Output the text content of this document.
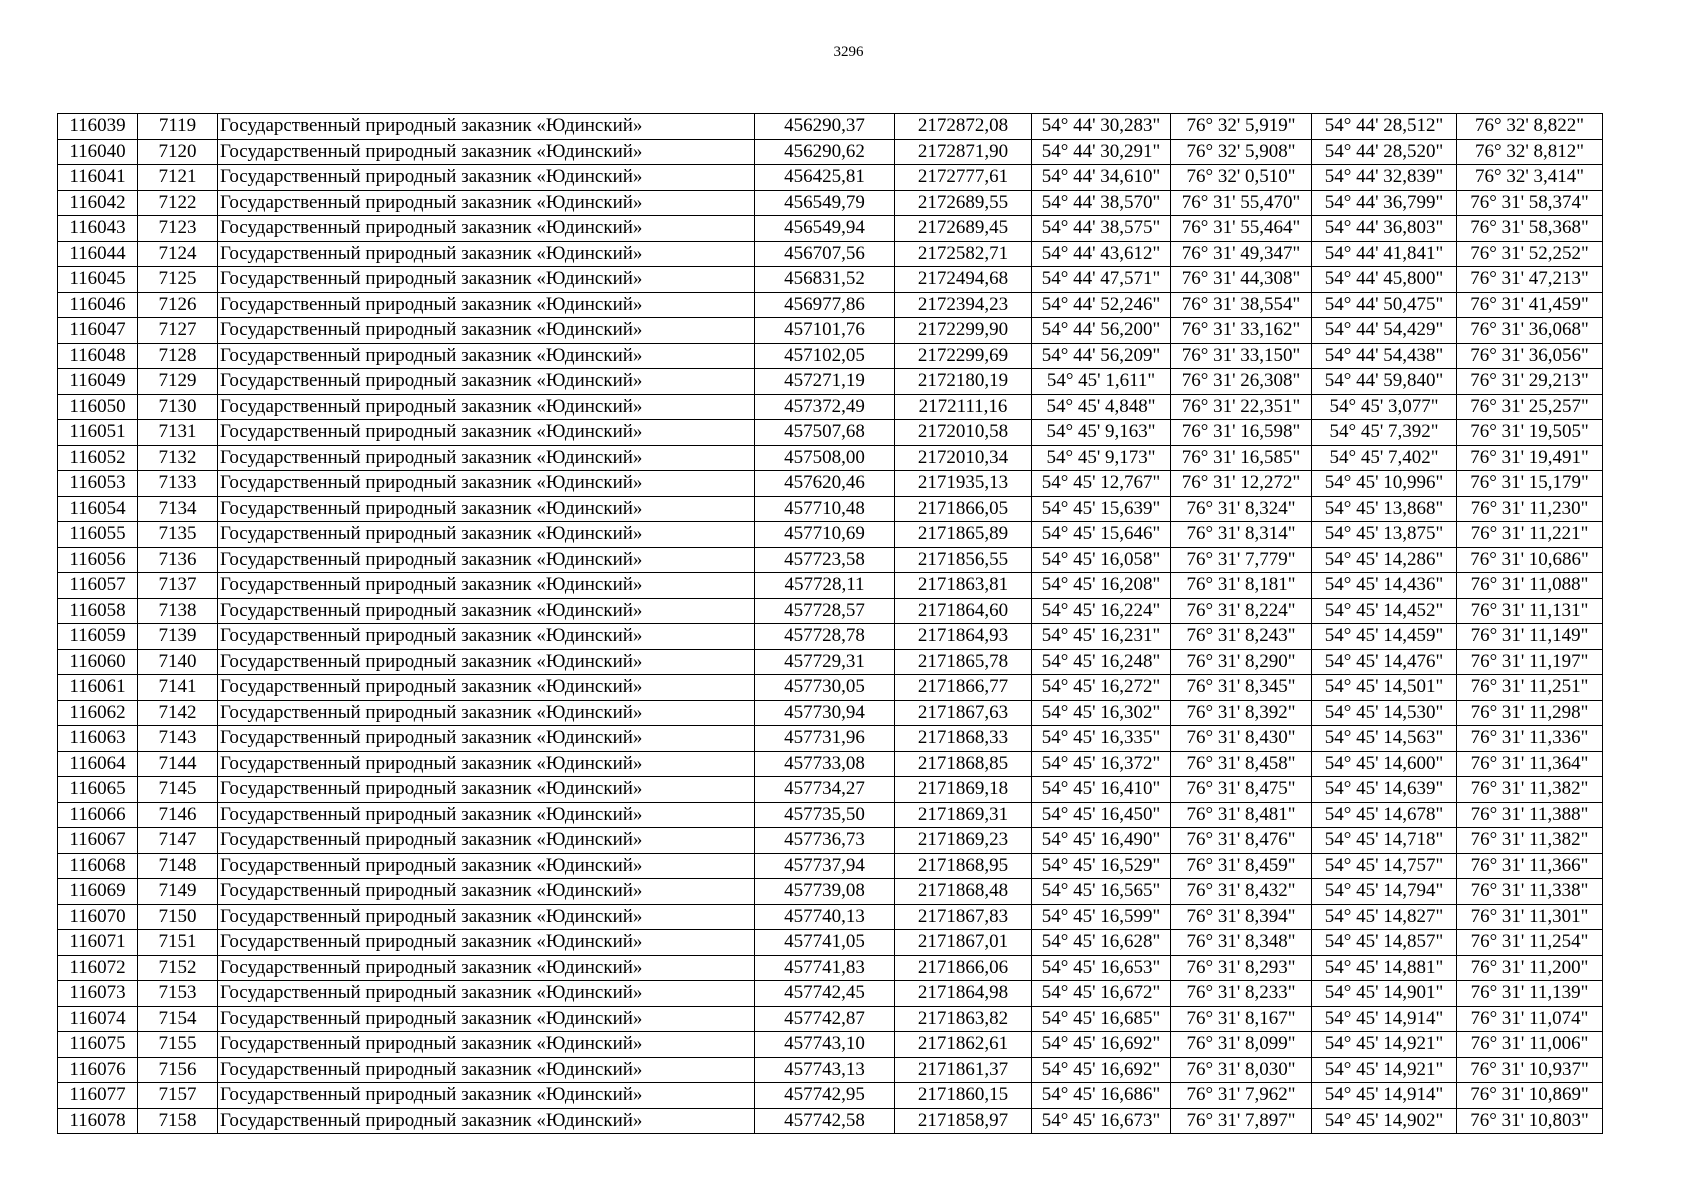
3296
116039	7119	Государственный природный заказник «Юдинский»	456290,37	2172872,08	54° 44' 30,283"	76° 32' 5,919"	54° 44' 28,512"	76° 32' 8,822"
116040	7120	Государственный природный заказник «Юдинский»	456290,62	2172871,90	54° 44' 30,291"	76° 32' 5,908"	54° 44' 28,520"	76° 32' 8,812"
116041	7121	Государственный природный заказник «Юдинский»	456425,81	2172777,61	54° 44' 34,610"	76° 32' 0,510"	54° 44' 32,839"	76° 32' 3,414"
116042	7122	Государственный природный заказник «Юдинский»	456549,79	2172689,55	54° 44' 38,570"	76° 31' 55,470"	54° 44' 36,799"	76° 31' 58,374"
116043	7123	Государственный природный заказник «Юдинский»	456549,94	2172689,45	54° 44' 38,575"	76° 31' 55,464"	54° 44' 36,803"	76° 31' 58,368"
116044	7124	Государственный природный заказник «Юдинский»	456707,56	2172582,71	54° 44' 43,612"	76° 31' 49,347"	54° 44' 41,841"	76° 31' 52,252"
116045	7125	Государственный природный заказник «Юдинский»	456831,52	2172494,68	54° 44' 47,571"	76° 31' 44,308"	54° 44' 45,800"	76° 31' 47,213"
116046	7126	Государственный природный заказник «Юдинский»	456977,86	2172394,23	54° 44' 52,246"	76° 31' 38,554"	54° 44' 50,475"	76° 31' 41,459"
116047	7127	Государственный природный заказник «Юдинский»	457101,76	2172299,90	54° 44' 56,200"	76° 31' 33,162"	54° 44' 54,429"	76° 31' 36,068"
116048	7128	Государственный природный заказник «Юдинский»	457102,05	2172299,69	54° 44' 56,209"	76° 31' 33,150"	54° 44' 54,438"	76° 31' 36,056"
116049	7129	Государственный природный заказник «Юдинский»	457271,19	2172180,19	54° 45' 1,611"	76° 31' 26,308"	54° 44' 59,840"	76° 31' 29,213"
116050	7130	Государственный природный заказник «Юдинский»	457372,49	2172111,16	54° 45' 4,848"	76° 31' 22,351"	54° 45' 3,077"	76° 31' 25,257"
116051	7131	Государственный природный заказник «Юдинский»	457507,68	2172010,58	54° 45' 9,163"	76° 31' 16,598"	54° 45' 7,392"	76° 31' 19,505"
116052	7132	Государственный природный заказник «Юдинский»	457508,00	2172010,34	54° 45' 9,173"	76° 31' 16,585"	54° 45' 7,402"	76° 31' 19,491"
116053	7133	Государственный природный заказник «Юдинский»	457620,46	2171935,13	54° 45' 12,767"	76° 31' 12,272"	54° 45' 10,996"	76° 31' 15,179"
116054	7134	Государственный природный заказник «Юдинский»	457710,48	2171866,05	54° 45' 15,639"	76° 31' 8,324"	54° 45' 13,868"	76° 31' 11,230"
116055	7135	Государственный природный заказник «Юдинский»	457710,69	2171865,89	54° 45' 15,646"	76° 31' 8,314"	54° 45' 13,875"	76° 31' 11,221"
116056	7136	Государственный природный заказник «Юдинский»	457723,58	2171856,55	54° 45' 16,058"	76° 31' 7,779"	54° 45' 14,286"	76° 31' 10,686"
116057	7137	Государственный природный заказник «Юдинский»	457728,11	2171863,81	54° 45' 16,208"	76° 31' 8,181"	54° 45' 14,436"	76° 31' 11,088"
116058	7138	Государственный природный заказник «Юдинский»	457728,57	2171864,60	54° 45' 16,224"	76° 31' 8,224"	54° 45' 14,452"	76° 31' 11,131"
116059	7139	Государственный природный заказник «Юдинский»	457728,78	2171864,93	54° 45' 16,231"	76° 31' 8,243"	54° 45' 14,459"	76° 31' 11,149"
116060	7140	Государственный природный заказник «Юдинский»	457729,31	2171865,78	54° 45' 16,248"	76° 31' 8,290"	54° 45' 14,476"	76° 31' 11,197"
116061	7141	Государственный природный заказник «Юдинский»	457730,05	2171866,77	54° 45' 16,272"	76° 31' 8,345"	54° 45' 14,501"	76° 31' 11,251"
116062	7142	Государственный природный заказник «Юдинский»	457730,94	2171867,63	54° 45' 16,302"	76° 31' 8,392"	54° 45' 14,530"	76° 31' 11,298"
116063	7143	Государственный природный заказник «Юдинский»	457731,96	2171868,33	54° 45' 16,335"	76° 31' 8,430"	54° 45' 14,563"	76° 31' 11,336"
116064	7144	Государственный природный заказник «Юдинский»	457733,08	2171868,85	54° 45' 16,372"	76° 31' 8,458"	54° 45' 14,600"	76° 31' 11,364"
116065	7145	Государственный природный заказник «Юдинский»	457734,27	2171869,18	54° 45' 16,410"	76° 31' 8,475"	54° 45' 14,639"	76° 31' 11,382"
116066	7146	Государственный природный заказник «Юдинский»	457735,50	2171869,31	54° 45' 16,450"	76° 31' 8,481"	54° 45' 14,678"	76° 31' 11,388"
116067	7147	Государственный природный заказник «Юдинский»	457736,73	2171869,23	54° 45' 16,490"	76° 31' 8,476"	54° 45' 14,718"	76° 31' 11,382"
116068	7148	Государственный природный заказник «Юдинский»	457737,94	2171868,95	54° 45' 16,529"	76° 31' 8,459"	54° 45' 14,757"	76° 31' 11,366"
116069	7149	Государственный природный заказник «Юдинский»	457739,08	2171868,48	54° 45' 16,565"	76° 31' 8,432"	54° 45' 14,794"	76° 31' 11,338"
116070	7150	Государственный природный заказник «Юдинский»	457740,13	2171867,83	54° 45' 16,599"	76° 31' 8,394"	54° 45' 14,827"	76° 31' 11,301"
116071	7151	Государственный природный заказник «Юдинский»	457741,05	2171867,01	54° 45' 16,628"	76° 31' 8,348"	54° 45' 14,857"	76° 31' 11,254"
116072	7152	Государственный природный заказник «Юдинский»	457741,83	2171866,06	54° 45' 16,653"	76° 31' 8,293"	54° 45' 14,881"	76° 31' 11,200"
116073	7153	Государственный природный заказник «Юдинский»	457742,45	2171864,98	54° 45' 16,672"	76° 31' 8,233"	54° 45' 14,901"	76° 31' 11,139"
116074	7154	Государственный природный заказник «Юдинский»	457742,87	2171863,82	54° 45' 16,685"	76° 31' 8,167"	54° 45' 14,914"	76° 31' 11,074"
116075	7155	Государственный природный заказник «Юдинский»	457743,10	2171862,61	54° 45' 16,692"	76° 31' 8,099"	54° 45' 14,921"	76° 31' 11,006"
116076	7156	Государственный природный заказник «Юдинский»	457743,13	2171861,37	54° 45' 16,692"	76° 31' 8,030"	54° 45' 14,921"	76° 31' 10,937"
116077	7157	Государственный природный заказник «Юдинский»	457742,95	2171860,15	54° 45' 16,686"	76° 31' 7,962"	54° 45' 14,914"	76° 31' 10,869"
116078	7158	Государственный природный заказник «Юдинский»	457742,58	2171858,97	54° 45' 16,673"	76° 31' 7,897"	54° 45' 14,902"	76° 31' 10,803"
